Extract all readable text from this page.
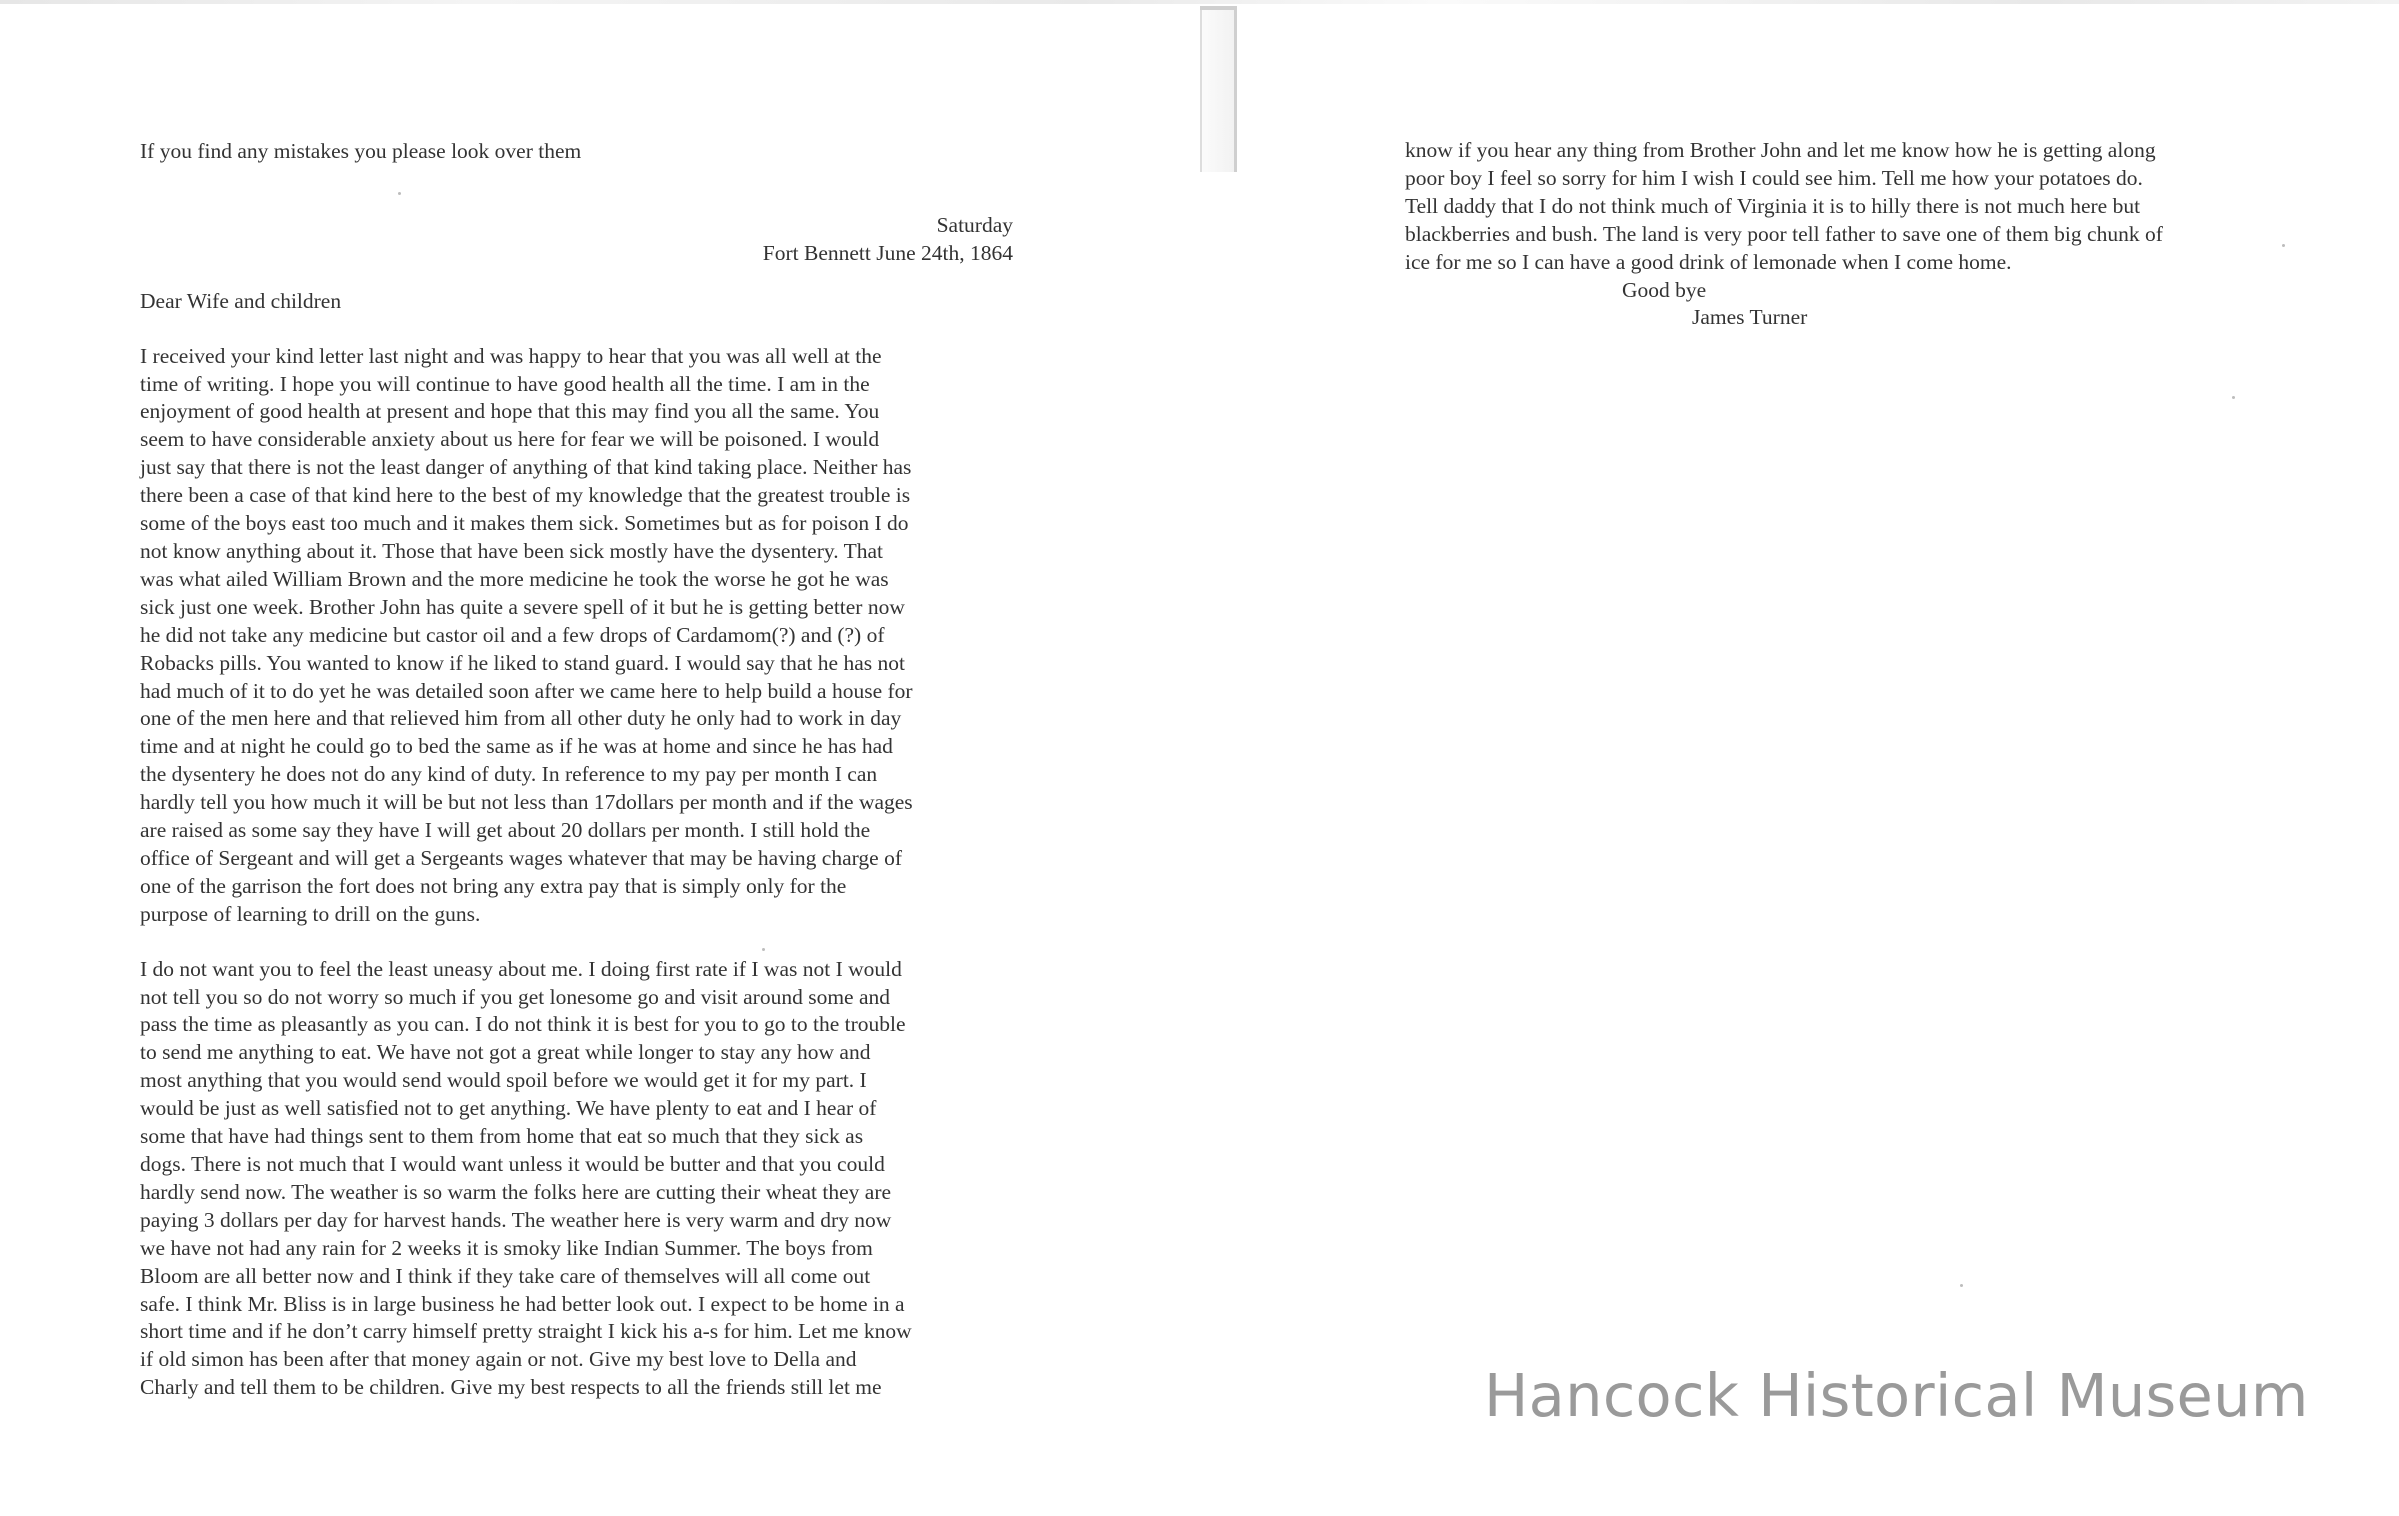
If you find any mistakes you please look over them
Saturday
Fort Bennett June 24th, 1864
Dear Wife and children
I received your kind letter last night and was happy to hear that you was all well at the
time of writing. I hope you will continue to have good health all the time. I am in the
enjoyment of good health at present and hope that this may find you all the same. You
seem to have considerable anxiety about us here for fear we will be poisoned. I would
just say that there is not the least danger of anything of that kind taking place. Neither has
there been a case of that kind here to the best of my knowledge that the greatest trouble is
some of the boys east too much and it makes them sick. Sometimes but as for poison I do
not know anything about it. Those that have been sick mostly have the dysentery. That
was what ailed William Brown and the more medicine he took the worse he got he was
sick just one week. Brother John has quite a severe spell of it but he is getting better now
he did not take any medicine but castor oil and a few drops of Cardamom(?) and (?) of
Robacks pills. You wanted to know if he liked to stand guard. I would say that he has not
had much of it to do yet he was detailed soon after we came here to help build a house for
one of the men here and that relieved him from all other duty he only had to work in day
time and at night he could go to bed the same as if he was at home and since he has had
the dysentery he does not do any kind of duty. In reference to my pay per month I can
hardly tell you how much it will be but not less than 17dollars per month and if the wages
are raised as some say they have I will get about 20 dollars per month. I still hold the
office of Sergeant and will get a Sergeants wages whatever that may be having charge of
one of the garrison the fort does not bring any extra pay that is simply only for the
purpose of learning to drill on the guns.
I do not want you to feel the least uneasy about me. I doing first rate if I was not I would
not tell you so do not worry so much if you get lonesome go and visit around some and
pass the time as pleasantly as you can. I do not think it is best for you to go to the trouble
to send me anything to eat. We have not got a great while longer to stay any how and
most anything that you would send would spoil before we would get it for my part. I
would be just as well satisfied not to get anything. We have plenty to eat and I hear of
some that have had things sent to them from home that eat so much that they sick as
dogs. There is not much that I would want unless it would be butter and that you could
hardly send now. The weather is so warm the folks here are cutting their wheat they are
paying 3 dollars per day for harvest hands. The weather here is very warm and dry now
we have not had any rain for 2 weeks it is smoky like Indian Summer. The boys from
Bloom are all better now and I think if they take care of themselves will all come out
safe. I think Mr. Bliss is in large business he had better look out. I expect to be home in a
short time and if he don’t carry himself pretty straight I kick his a-s for him. Let me know
if old simon has been after that money again or not. Give my best love to Della and
Charly and tell them to be children. Give my best respects to all the friends still let me
know if you hear any thing from Brother John and let me know how he is getting along
poor boy I feel so sorry for him I wish I could see him. Tell me how your potatoes do.
Tell daddy that I do not think much of Virginia it is to hilly there is not much here but
blackberries and bush. The land is very poor tell father to save one of them big chunk of
ice for me so I can have a good drink of lemonade when I come home.
Good bye
James Turner
Hancock Historical Museum
